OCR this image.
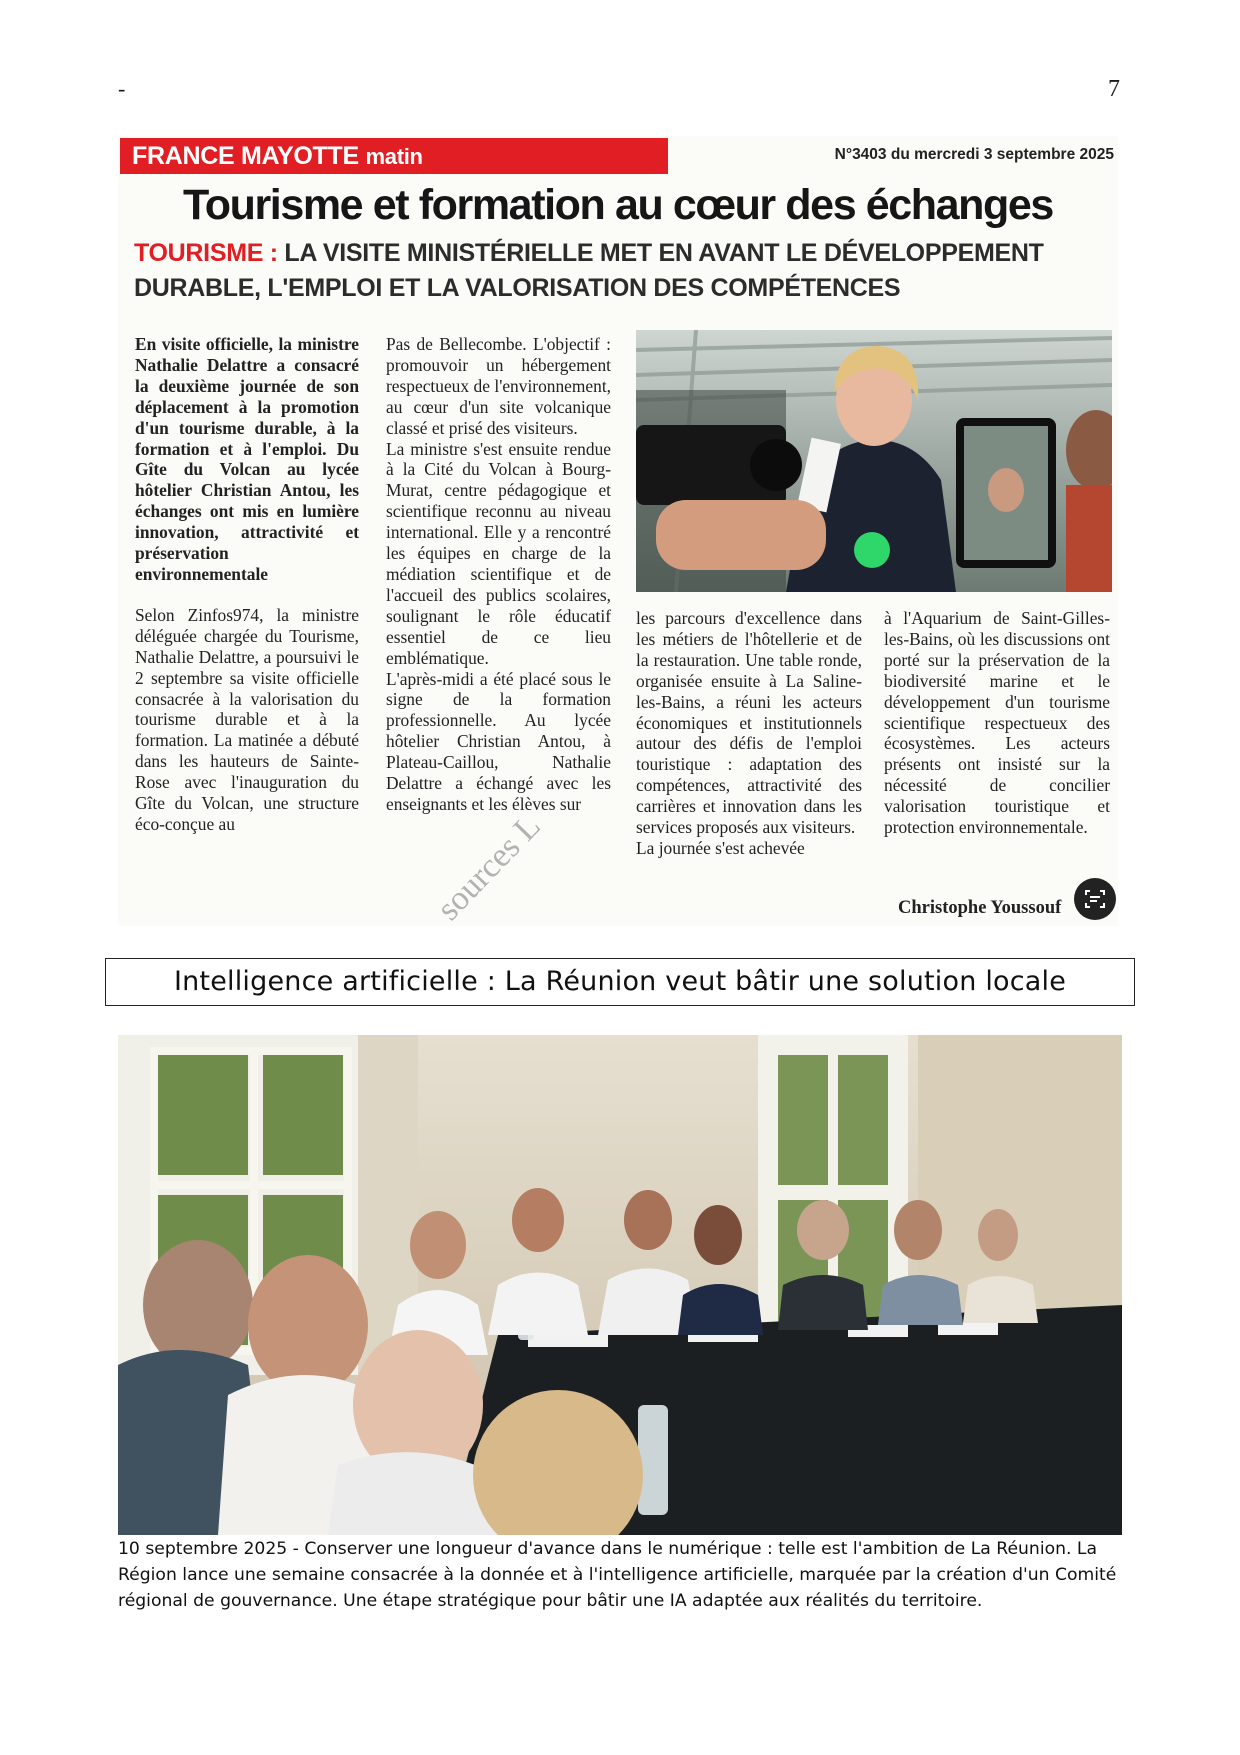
-	7
FRANCE MAYOTTE matin	N°3403 du mercredi 3 septembre 2025
Tourisme et formation au cœur des échanges
TOURISME : LA VISITE MINISTÉRIELLE MET EN AVANT LE DÉVELOPPEMENT DURABLE, L'EMPLOI ET LA VALORISATION DES COMPÉTENCES

En visite officielle, la ministre Nathalie Delattre a consacré la deuxième journée de son déplacement à la promotion d'un tourisme durable, à la formation et à l'emploi. Du Gîte du Volcan au lycée hôtelier Christian Antou, les échanges ont mis en lumière innovation, attractivité et préservation environnementale

Selon Zinfos974, la ministre déléguée chargée du Tourisme, Nathalie Delattre, a poursuivi le 2 septembre sa visite officielle consacrée à la valorisation du tourisme durable et à la formation. La matinée a débuté dans les hauteurs de Sainte-Rose avec l'inauguration du Gîte du Volcan, une structure éco-conçue au

Pas de Bellecombe. L'objectif : promouvoir un hébergement respectueux de l'environnement, au cœur d'un site volcanique classé et prisé des visiteurs.

La ministre s'est ensuite rendue à la Cité du Volcan à Bourg-Murat, centre pédagogique et scientifique reconnu au niveau international. Elle y a rencontré les équipes en charge de la médiation scientifique et de l'accueil des publics scolaires, soulignant le rôle éducatif essentiel de ce lieu emblématique.

L'après-midi a été placé sous le signe de la formation professionnelle. Au lycée hôtelier Christian Antou, à Plateau-Caillou, Nathalie Delattre a échangé avec les enseignants et les élèves sur

les parcours d'excellence dans les métiers de l'hôtellerie et de la restauration. Une table ronde, organisée ensuite à La Saline-les-Bains, a réuni les acteurs économiques et institutionnels autour des défis de l'emploi touristique : adaptation des compétences, attractivité des carrières et innovation dans les services proposés aux visiteurs.

La journée s'est achevée

à l'Aquarium de Saint-Gilles-les-Bains, où les discussions ont porté sur la préservation de la biodiversité marine et le développement d'un tourisme scientifique respectueux des écosystèmes. Les acteurs présents ont insisté sur la nécessité de concilier valorisation touristique et protection environnementale.

Christophe Youssouf
sources L
Intelligence artificielle : La Réunion veut bâtir une solution locale
10 septembre 2025 - Conserver une longueur d'avance dans le numérique : telle est l'ambition de La Réunion. La Région lance une semaine consacrée à la donnée et à l'intelligence artificielle, marquée par la création d'un Comité régional de gouvernance. Une étape stratégique pour bâtir une IA adaptée aux réalités du territoire.
